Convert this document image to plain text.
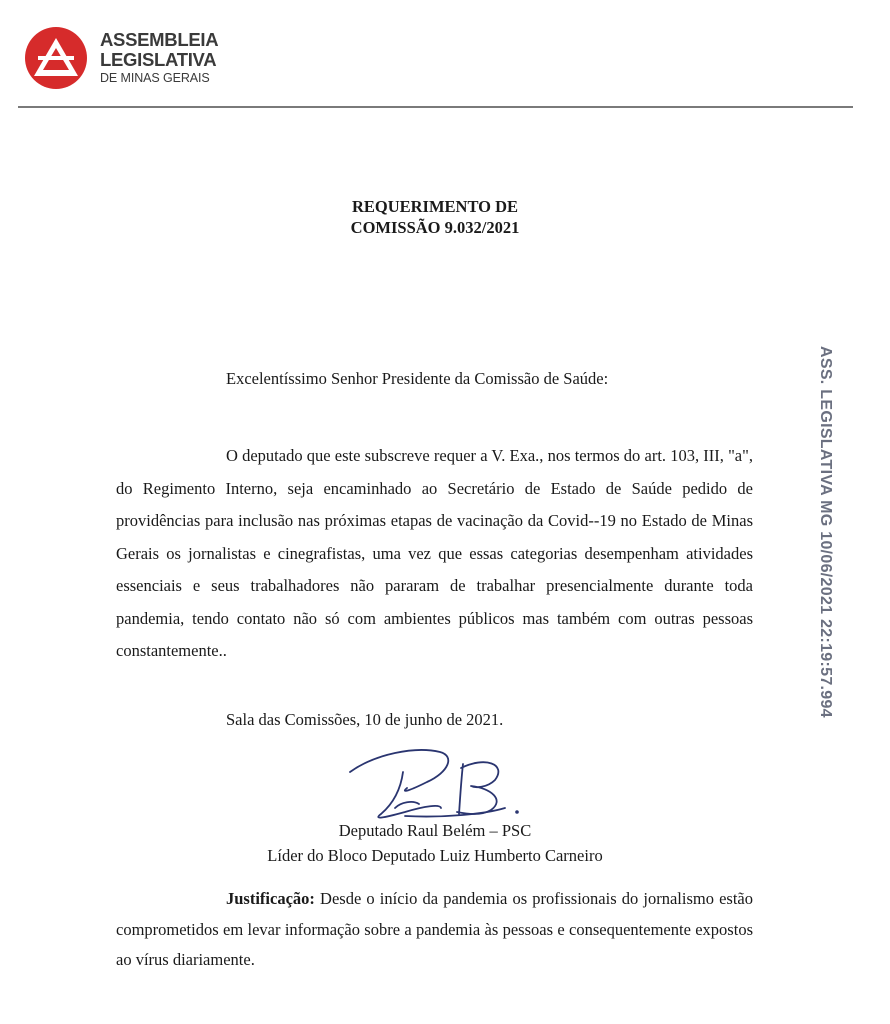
ASSEMBLEIA
LEGISLATIVA
DE MINAS GERAIS
REQUERIMENTO DE
COMISSÃO 9.032/2021
Excelentíssimo Senhor Presidente da Comissão de Saúde:

O deputado que este subscreve requer a V. Exa., nos termos do art. 103, III, "a", do Regimento Interno, seja encaminhado ao Secretário de Estado de Saúde pedido de providências para inclusão nas próximas etapas de vacinação da Covid--19 no Estado de Minas Gerais os jornalistas e cinegrafistas, uma vez que essas categorias desempenham atividades essenciais e seus trabalhadores não pararam de trabalhar presencialmente durante toda pandemia, tendo contato não só com ambientes públicos mas também com outras pessoas constantemente..

Sala das Comissões, 10 de junho de 2021.
Deputado Raul Belém – PSC
Líder do Bloco Deputado Luiz Humberto Carneiro

Justificação: Desde o início da pandemia os profissionais do jornalismo estão comprometidos em levar informação sobre a pandemia às pessoas e consequentemente expostos ao vírus diariamente.

ASS. LEGISLATIVA MG 10/06/2021 22:19:57.994
